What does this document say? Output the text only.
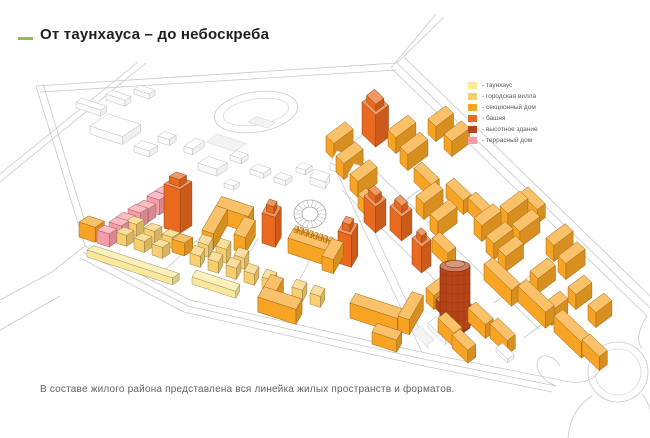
От таунхауса – до небоскреба
- таунхаус
- городская вилла
- секционный дом
- башня
- высотное здание
- террасный дом
В составе жилого района представлена вся линейка жилых пространств и форматов.
